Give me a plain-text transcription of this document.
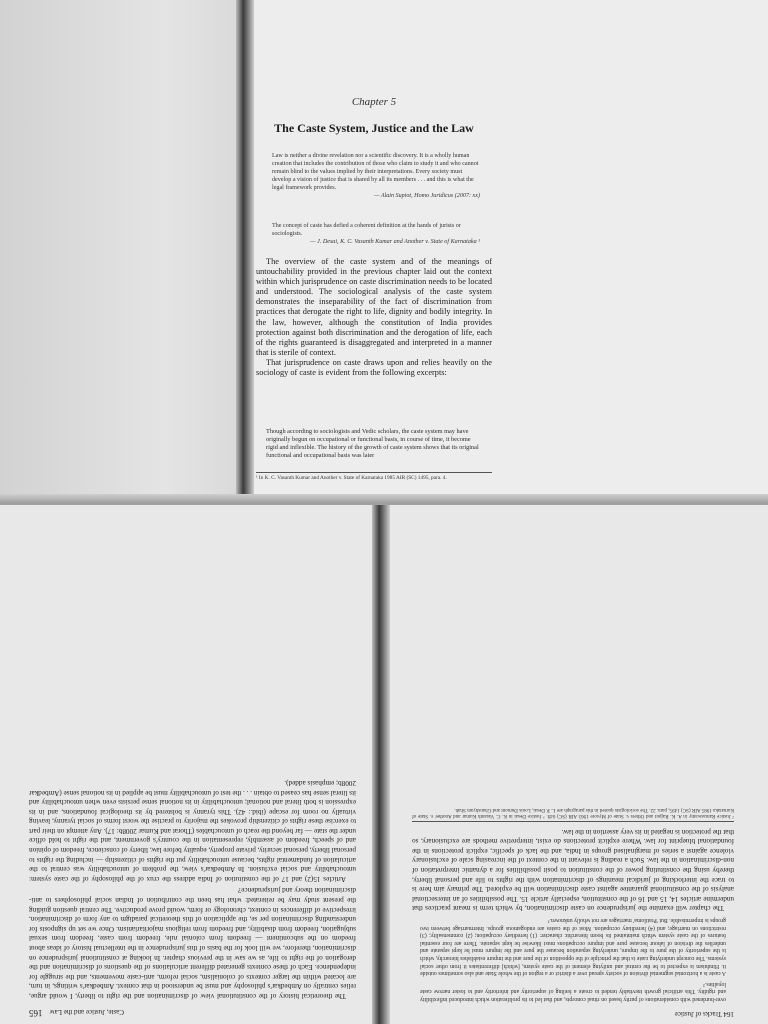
Chapter 5
The Caste System, Justice and the Law
Law is neither a divine revelation nor a scientific discovery. It is a wholly human creation that includes the contribution of those who claim to study it and who cannot remain blind to the values implied by their interpretations. Every society must develop a vision of justice that is shared by all its members . . . and this is what the legal framework provides.
— Alain Supiot, Homo Juridicus (2007: xx)
The concept of caste has defied a coherent definition at the hands of jurists or sociologists.
— J. Desai, K. C. Vasanth Kumar and Another v. State of Karnataka ¹

The overview of the caste system and of the meanings of untouchability provided in the previous chapter laid out the context within which jurisprudence on caste discrimination needs to be located and understood. The sociological analysis of the caste system demonstrates the inseparability of the fact of discrimination from practices that derogate the right to life, dignity and bodily integrity. In the law, however, although the constitution of India provides protection against both discrimination and the derogation of life, each of the rights guaranteed is disaggregated and interpreted in a manner that is sterile of context.

That jurisprudence on caste draws upon and relies heavily on the sociology of caste is evident from the following excerpts:

Though according to sociologists and Vedic scholars, the caste system may have originally begun on occupational or functional basis, in course of time, it become rigid and inflexible. The history of the growth of caste system shows that its original functional and occupational basis was later
¹ In K. C. Vasanth Kumar and Another v. State of Karnataka 1985 AIR (SC) 1495, para. 4.
164 Tracks of Justice
over-burdened with considerations of purity based on ritual concepts, and that led to its proliferation which introduced inflexibility and rigidity. This artificial growth inevitably tended to create a feeling of superiority and inferiority and to foster narrow caste loyalties.²
A caste is a horizontal segmental division of society spread over a district or a region of the whole State and also sometimes outside it. Hinduism is expected to be the central and unifying element of the caste system, [which] differentiates it from other social systems. The concept underlying caste is that the principle of the opposition of the pure and the impure establishes hierarchy, which is the superiority of the pure to the impure, underlying separation because the pure and the impure must be kept separate and underlies the division of labour because pure and impure occupations must likewise be kept separate. There are four essential features of the caste system which maintained its boom hierarchic character: (1) hereditary occupation; (2) commensality; (3) restrictions on marriage; and (4) hereditary occupation. Most of the castes are endogamous groups. Intermarriage between two groups is impermissible. But 'Pratiloma' marriages are not wholly unknown.³

The chapter will examine the jurisprudence on caste discrimination, by which term is meant practices that undermine articles 14, 15 and 16 of the constitution, especially article 15. The possibilities of an intersectional analysis of the constitutional guarantee against caste discrimination will be explored. The primary aim here is to trace the interlocking of juridical meanings of discrimination with the rights to life and personal liberty, thereby using the constituting power of the constitution to posit possibilities for a dynamic interpretation of non-discrimination in the law. Such a reading is relevant in the context of the increasing scale of exclusionary violence against a series of marginalised groups in India, and the lack of specific, explicit protections in the foundational blueprint for law. Where explicit protections do exist, interpretive methods are exclusionary, so that the protection is negated in its very assertion in the law.

² Justice Ramaswamy in A. K. Rajput and Others v. State of Mysore 1963 AIR (SC) 649. ³ Justice Desai in K. C. Vasanth Kumar and Another v. State of Karnataka 1985 AIR (SC) 1495, para. 22. The sociologists quoted in this paragraph are L. P. Desai, Louis Dumont and Ghanshyam Shah.
Caste, Justice and the Law    165

The theoretical history of the constitutional view of discrimination and the right to liberty, I would argue, relies centrally on Ambedkar's philosophy and must be understood in that context. Ambedkar's writings, in turn, are located within the larger contexts of colonialism, social reform, anti-caste movements, and the struggle for independence. Each of these contexts generated different articulations of the questions of discrimination and the derogation of the right to life, as we saw in the previous chapter. In looking at constitutional jurisprudence on discrimination, therefore, we will look for the basis of this jurisprudence in the intellectual history of ideas about freedom on the subcontinent — freedom from colonial rule, freedom from caste, freedom from sexual subjugation, freedom from disability, and freedom from religious majoritarianism. Once we set up signposts for understanding discrimination per se, the application of this theoretical paradigm to any form of discrimination, irrespective of differences in context, chronology or form, would prove productive. The central question guiding the present study may be reiterated: what has been the contribution of Indian social philosophers to anti-discrimination theory and jurisprudence?

Articles 15(2) and 17 of the constitution of India address the crux of the philosophy of the caste system: untouchability and social exclusion. In Ambedkar's view, the problem of untouchability was central to the articulation of fundamental rights, because untouchability put the rights of citizenship — including the rights to personal liberty, personal security, private property, equality before law, liberty of conscience, freedom of opinion and of speech, freedom of assembly, representation in the country's government, and the right to hold office under the state — far beyond the reach of untouchables (Thorat and Kumar 2008b: 17). Any attempt on their part to exercise these rights of citizenship provokes the majority to practise the worst forms of social tyranny, leaving virtually no room for escape (ibid.: 42). This tyranny is bolstered by its theological foundations, and in its expression is both literal and notional; untouchability in its notional sense persists even when untouchability and its literal sense has ceased to obtain . . . the test of untouchability must be applied in its notional sense (Ambedkar 2008b; emphasis added).
